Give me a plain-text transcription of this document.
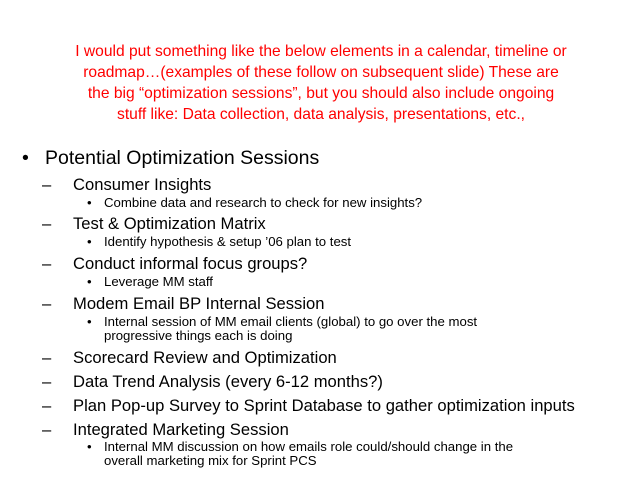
I would put something like the below elements in a calendar, timeline or
roadmap…(examples of these follow on subsequent slide) These are
the big “optimization sessions”, but you should also include ongoing
stuff like: Data collection, data analysis, presentations, etc.,
• Potential Optimization Sessions
– Consumer Insights
• Combine data and research to check for new insights?
– Test & Optimization Matrix
• Identify hypothesis & setup ’06 plan to test
– Conduct informal focus groups?
• Leverage MM staff
– Modem Email BP Internal Session
• Internal session of MM email clients (global) to go over the most
progressive things each is doing
– Scorecard Review and Optimization
– Data Trend Analysis (every 6-12 months?)
– Plan Pop-up Survey to Sprint Database to gather optimization inputs
– Integrated Marketing Session
• Internal MM discussion on how emails role could/should change in the
overall marketing mix for Sprint PCS
